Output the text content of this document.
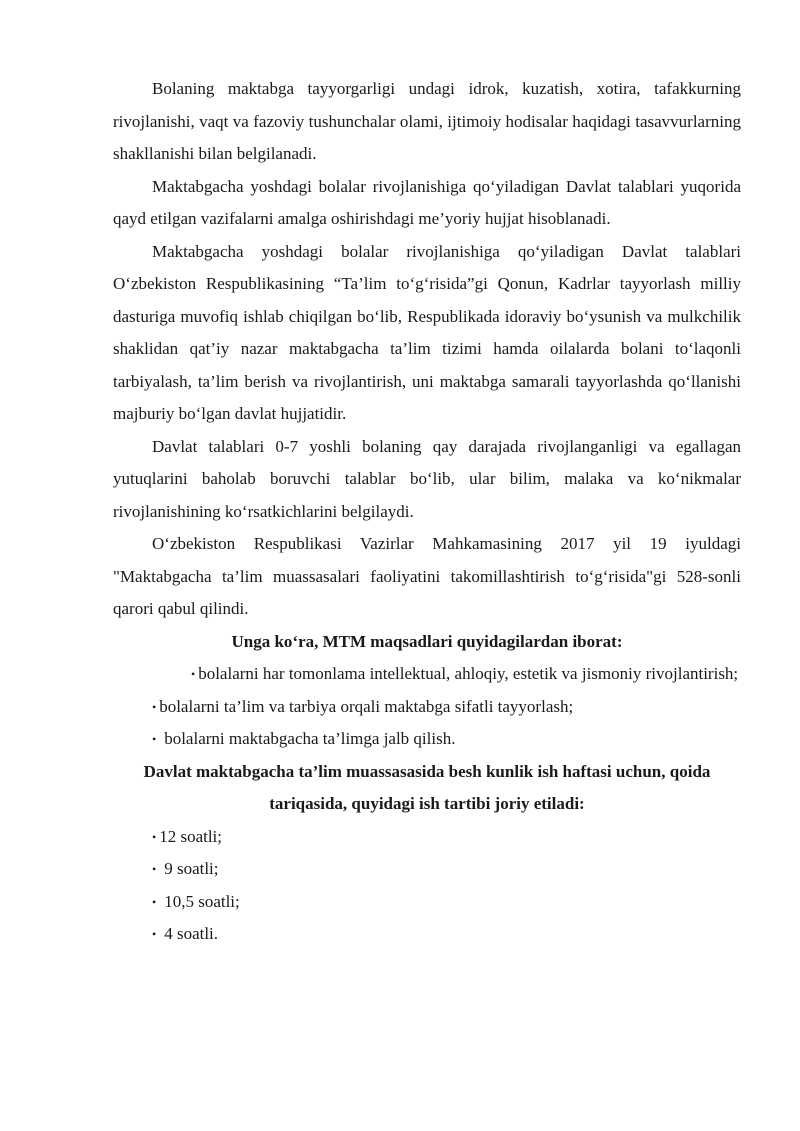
Bolaning maktabga tayyorgarligi undagi idrok, kuzatish, xotira, tafakkurning rivojlanishi, vaqt va fazoviy tushunchalar olami, ijtimoiy hodisalar haqidagi tasavvurlarning shakllanishi bilan belgilanadi.

Maktabgacha yoshdagi bolalar rivojlanishiga qo‘yiladigan Davlat talablari yuqorida qayd etilgan vazifalarni amalga oshirishdagi me’yoriy hujjat hisoblanadi.

Maktabgacha yoshdagi bolalar rivojlanishiga qo‘yiladigan Davlat talablari O‘zbekiston Respublikasining “Ta’lim to‘g‘risida”gi Qonun, Kadrlar tayyorlash milliy dasturiga muvofiq ishlab chiqilgan bo‘lib, Respublikada idoraviy bo‘ysunish va mulkchilik shaklidan qat’iy nazar maktabgacha ta’lim tizimi hamda oilalarda bolani to‘laqonli tarbiyalash, ta’lim berish va rivojlantirish, uni maktabga samarali tayyorlashda qo‘llanishi majburiy bo‘lgan davlat hujjatidir.

Davlat talablari 0-7 yoshli bolaning qay darajada rivojlanganligi va egallagan yutuqlarini baholab boruvchi talablar bo‘lib, ular bilim, malaka va ko‘nikmalar rivojlanishining ko‘rsatkichlarini belgilaydi.

O‘zbekiston Respublikasi Vazirlar Mahkamasining 2017 yil 19 iyuldagi "Maktabgacha ta’lim muassasalari faoliyatini takomillashtirish to‘g‘risida"gi 528-sonli qarori qabul qilindi.

Unga ko‘ra, MTM maqsadlari quyidagilardan iborat:

• bolalarni har tomonlama intellektual, ahloqiy, estetik va jismoniy rivojlantirish;

• bolalarni ta’lim va tarbiya orqali maktabga sifatli tayyorlash;

• bolalarni maktabgacha ta’limga jalb qilish.

Davlat maktabgacha ta’lim muassasasida besh kunlik ish haftasi uchun, qoida tariqasida, quyidagi ish tartibi joriy etiladi:

• 12 soatli;

• 9 soatli;

• 10,5 soatli;

• 4 soatli.
